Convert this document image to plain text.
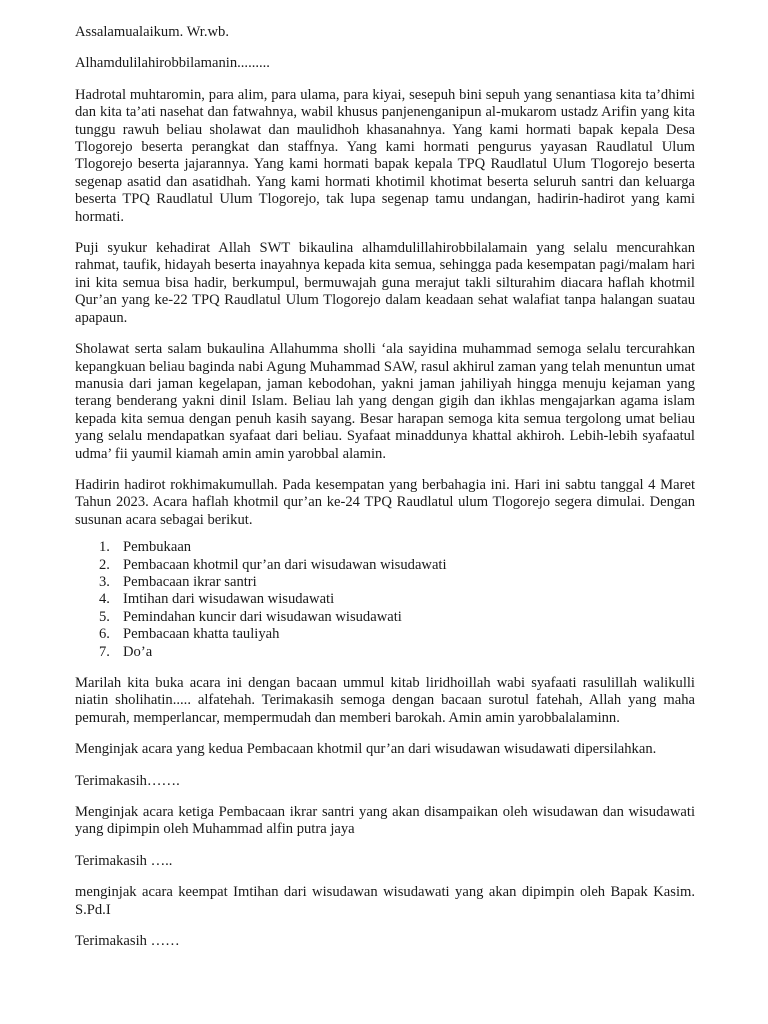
Assalamualaikum. Wr.wb.

Alhamdulilahirobbilamanin.........

Hadrotal muhtaromin, para alim, para ulama, para kiyai, sesepuh bini sepuh yang senantiasa kita ta’dhimi dan kita ta’ati nasehat dan fatwahnya, wabil khusus panjenenganipun al-mukarom ustadz Arifin yang kita tunggu rawuh beliau sholawat dan maulidhoh khasanahnya. Yang kami hormati bapak kepala Desa Tlogorejo beserta perangkat dan staffnya. Yang kami hormati pengurus yayasan Raudlatul Ulum Tlogorejo beserta jajarannya. Yang kami hormati bapak kepala TPQ Raudlatul Ulum Tlogorejo beserta segenap asatid dan asatidhah. Yang kami hormati khotimil khotimat beserta seluruh santri dan keluarga beserta TPQ Raudlatul Ulum Tlogorejo, tak lupa segenap tamu undangan, hadirin-hadirot yang kami hormati.

Puji syukur kehadirat Allah SWT bikaulina alhamdulillahirobbilalamain yang selalu mencurahkan rahmat, taufik, hidayah beserta inayahnya kepada kita semua, sehingga pada kesempatan pagi/malam hari ini kita semua bisa hadir, berkumpul, bermuwajah guna merajut takli silturahim diacara haflah khotmil Qur’an yang ke-22 TPQ Raudlatul Ulum Tlogorejo dalam keadaan sehat walafiat tanpa halangan suatau apapaun.

Sholawat serta salam bukaulina Allahumma sholli ‘ala sayidina muhammad semoga selalu tercurahkan kepangkuan beliau baginda nabi Agung Muhammad SAW, rasul akhirul zaman yang telah menuntun umat manusia dari jaman kegelapan, jaman kebodohan, yakni jaman jahiliyah hingga menuju kejaman yang terang benderang yakni dinil Islam. Beliau lah yang dengan gigih dan ikhlas mengajarkan agama islam kepada kita semua dengan penuh kasih sayang. Besar harapan semoga kita semua tergolong umat beliau yang selalu mendapatkan syafaat dari beliau. Syafaat minaddunya khattal akhiroh. Lebih-lebih syafaatul udma’ fii yaumil kiamah amin amin yarobbal alamin.

Hadirin hadirot rokhimakumullah. Pada kesempatan yang berbahagia ini. Hari ini sabtu tanggal 4 Maret Tahun 2023. Acara haflah khotmil qur’an ke-24 TPQ Raudlatul ulum Tlogorejo segera dimulai. Dengan susunan acara sebagai berikut.

1. Pembukaan
2. Pembacaan khotmil qur’an dari wisudawan wisudawati
3. Pembacaan ikrar santri
4. Imtihan dari wisudawan wisudawati
5. Pemindahan kuncir dari wisudawan wisudawati
6. Pembacaan khatta tauliyah
7. Do’a

Marilah kita buka acara ini dengan bacaan ummul kitab liridhoillah wabi syafaati rasulillah walikulli niatin sholihatin..... alfatehah. Terimakasih semoga dengan bacaan surotul fatehah, Allah yang maha pemurah, memperlancar, mempermudah dan memberi barokah. Amin amin yarobbalalaminn.

Menginjak acara yang kedua Pembacaan khotmil qur’an dari wisudawan wisudawati dipersilahkan.

Terimakasih…….

Menginjak acara ketiga Pembacaan ikrar santri yang akan disampaikan oleh wisudawan dan wisudawati yang dipimpin oleh Muhammad alfin putra jaya

Terimakasih …..

menginjak acara keempat Imtihan dari wisudawan wisudawati yang akan dipimpin oleh Bapak Kasim. S.Pd.I

Terimakasih ……
